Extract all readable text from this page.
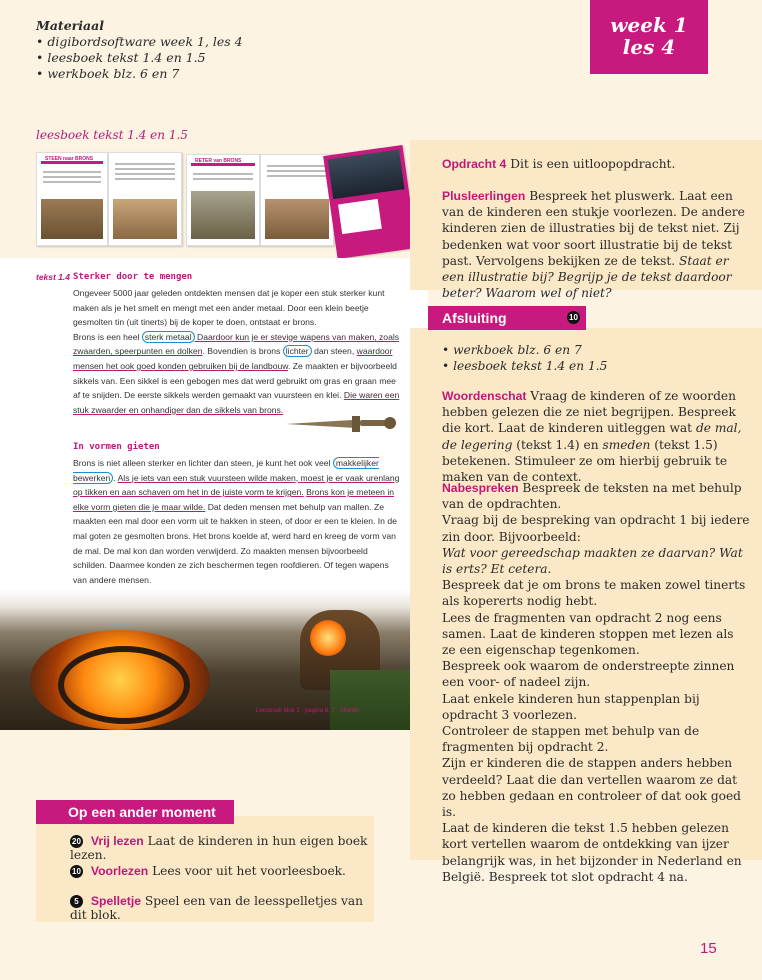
Materiaal
• digibordsoftware week 1, les 4
• leesboek tekst 1.4 en 1.5
• werkboek blz. 6 en 7
week 1
les 4
leesboek tekst 1.4 en 1.5
STEEN naar BRONS	RETER van BRONS
tekst 1.4 Sterker door te mengen
Ongeveer 5000 jaar geleden ontdekten mensen dat je koper een stuk sterker kunt maken als je het smelt en mengt met een ander metaal. Door een klein beetje gesmolten tin (uit tinerts) bij de koper te doen, ontstaat er brons.
Brons is een heel sterk metaal Daardoor kun je er stevige wapens van maken, zoals zwaarden, speerpunten en dolken. Bovendien is brons lichter dan steen, waardoor mensen het ook goed konden gebruiken bij de landbouw. Ze maakten er bijvoorbeeld sikkels van. Een sikkel is een gebogen mes dat werd gebruikt om gras en graan mee af te snijden. De eerste sikkels werden gemaakt van vuursteen en klei. Die waren een stuk zwaarder en onhandiger dan de sikkels van brons.
In vormen gieten
Brons is niet alleen sterker en lichter dan steen, je kunt het ook veel makkelijker bewerken . Als je iets van een stuk vuursteen wilde maken, moest je er vaak urenlang op tikken en aan schaven om het in de juiste vorm te krijgen. Brons kon je meteen in elke vorm gieten die je maar wilde. Dat deden mensen met behulp van mallen. Ze maakten een mal door een vorm uit te hakken in steen, of door er een te kleien. In de mal goten ze gesmolten brons. Het brons koelde af, werd hard en kreeg de vorm van de mal. De mal kon dan worden verwijderd. Zo maakten mensen bijvoorbeeld schilden. Daarmee konden ze zich beschermen tegen roofdieren. Of tegen wapens van andere mensen.
Leesboek blok 1 · pagina 6, 7 · Atlantis
Opdracht 4 Dit is een uitloopopdracht.
Plusleerlingen Bespreek het pluswerk. Laat een van de kinderen een stukje voorlezen. De andere kinderen zien de illustraties bij de tekst niet. Zij bedenken wat voor soort illustratie bij de tekst past. Vervolgens bekijken ze de tekst. Staat er een illustratie bij? Begrijp je de tekst daardoor beter? Waarom wel of niet?
• werkboek blz. 6 en 7
• leesboek tekst 1.4 en 1.5
Woordenschat Vraag de kinderen of ze woorden hebben gelezen die ze niet begrijpen. Bespreek die kort. Laat de kinderen uitleggen wat de mal, de legering (tekst 1.4) en smeden (tekst 1.5) betekenen. Stimuleer ze om hierbij gebruik te maken van de context.
Nabespreken Bespreek de teksten na met behulp van de opdrachten.
Vraag bij de bespreking van opdracht 1 bij iedere zin door. Bijvoorbeeld:
Wat voor gereedschap maakten ze daarvan? Wat is erts? Et cetera.
Bespreek dat je om brons te maken zowel tinerts als kopererts nodig hebt.
Lees de fragmenten van opdracht 2 nog eens samen. Laat de kinderen stoppen met lezen als ze een eigenschap tegenkomen.
Bespreek ook waarom de onderstreepte zinnen een voor- of nadeel zijn.
Laat enkele kinderen hun stappenplan bij opdracht 3 voorlezen.
Controleer de stappen met behulp van de fragmenten bij opdracht 2.
Zijn er kinderen die de stappen anders hebben verdeeld? Laat die dan vertellen waarom ze dat zo hebben gedaan en controleer of dat ook goed is.
Laat de kinderen die tekst 1.5 hebben gelezen kort vertellen waarom de ontdekking van ijzer belangrijk was, in het bijzonder in Nederland en België. Bespreek tot slot opdracht 4 na.
Afsluiting	10
20 Vrij lezen Laat de kinderen in hun eigen boek lezen.
10 Voorlezen Lees voor uit het voorleesboek.
5 Spelletje Speel een van de leesspelletjes van dit blok.
Op een ander moment
15
